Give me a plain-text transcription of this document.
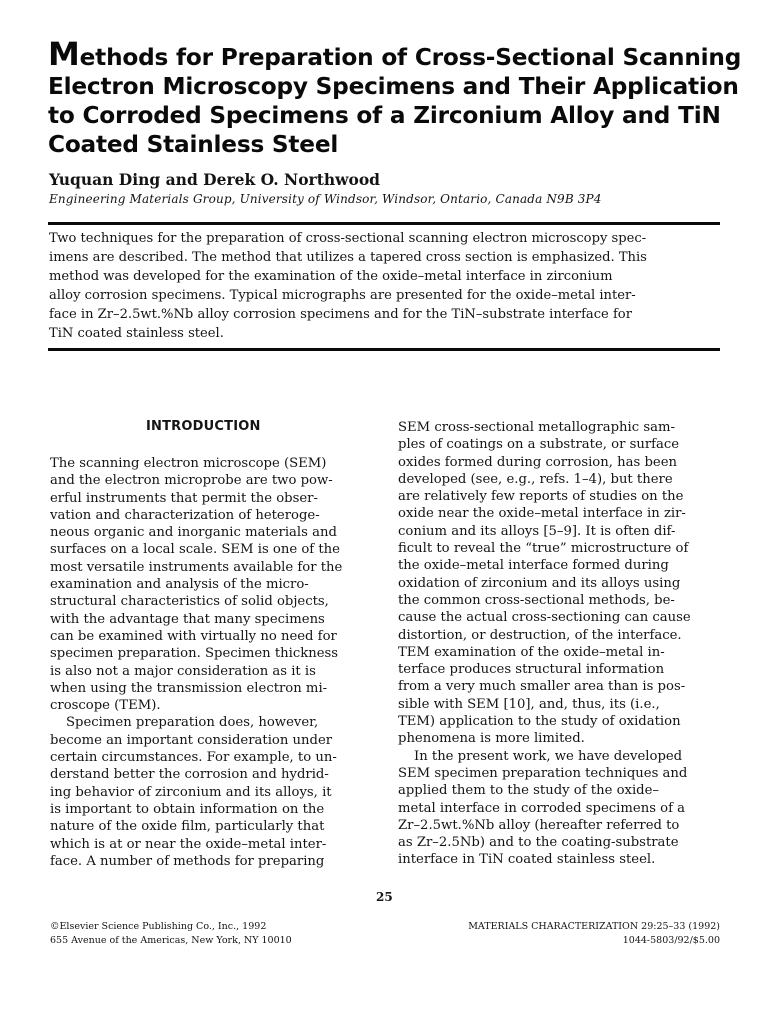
Methods for Preparation of Cross-Sectional Scanning
Electron Microscopy Specimens and Their Application
to Corroded Specimens of a Zirconium Alloy and TiN
Coated Stainless Steel
Yuquan Ding and Derek O. Northwood
Engineering Materials Group, University of Windsor, Windsor, Ontario, Canada N9B 3P4
Two techniques for the preparation of cross-sectional scanning electron microscopy spec-
imens are described. The method that utilizes a tapered cross section is emphasized. This
method was developed for the examination of the oxide–metal interface in zirconium
alloy corrosion specimens. Typical micrographs are presented for the oxide–metal inter-
face in Zr–2.5wt.%Nb alloy corrosion specimens and for the TiN–substrate interface for
TiN coated stainless steel.
INTRODUCTION
The scanning electron microscope (SEM)
and the electron microprobe are two pow-
erful instruments that permit the obser-
vation and characterization of heteroge-
neous organic and inorganic materials and
surfaces on a local scale. SEM is one of the
most versatile instruments available for the
examination and analysis of the micro-
structural characteristics of solid objects,
with the advantage that many specimens
can be examined with virtually no need for
specimen preparation. Specimen thickness
is also not a major consideration as it is
when using the transmission electron mi-
croscope (TEM).
Specimen preparation does, however,
become an important consideration under
certain circumstances. For example, to un-
derstand better the corrosion and hydrid-
ing behavior of zirconium and its alloys, it
is important to obtain information on the
nature of the oxide film, particularly that
which is at or near the oxide–metal inter-
face. A number of methods for preparing
SEM cross-sectional metallographic sam-
ples of coatings on a substrate, or surface
oxides formed during corrosion, has been
developed (see, e.g., refs. 1–4), but there
are relatively few reports of studies on the
oxide near the oxide–metal interface in zir-
conium and its alloys [5–9]. It is often dif-
ficult to reveal the “true” microstructure of
the oxide–metal interface formed during
oxidation of zirconium and its alloys using
the common cross-sectional methods, be-
cause the actual cross-sectioning can cause
distortion, or destruction, of the interface.
TEM examination of the oxide–metal in-
terface produces structural information
from a very much smaller area than is pos-
sible with SEM [10], and, thus, its (i.e.,
TEM) application to the study of oxidation
phenomena is more limited.
In the present work, we have developed
SEM specimen preparation techniques and
applied them to the study of the oxide–
metal interface in corroded specimens of a
Zr–2.5wt.%Nb alloy (hereafter referred to
as Zr–2.5Nb) and to the coating-substrate
interface in TiN coated stainless steel.
25
©Elsevier Science Publishing Co., Inc., 1992
655 Avenue of the Americas, New York, NY 10010
MATERIALS CHARACTERIZATION 29:25–33 (1992)
1044-5803/92/$5.00
